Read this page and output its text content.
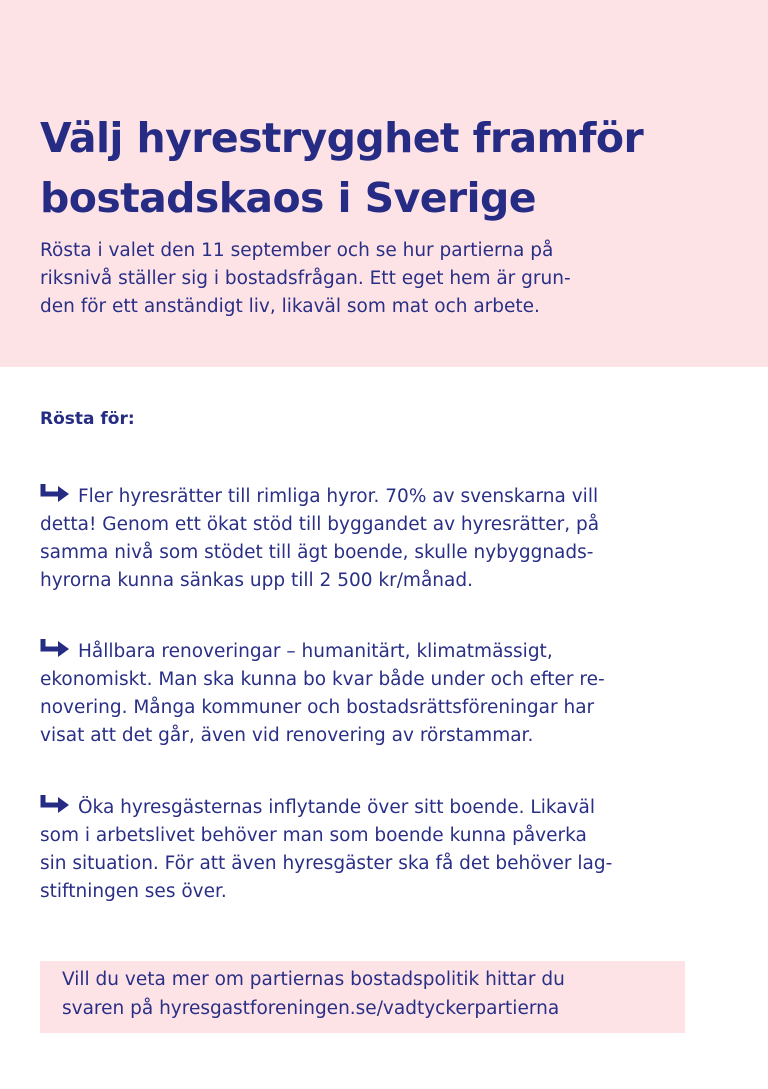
Välj hyrestrygghet framför
bostadskaos i Sverige
Rösta i valet den 11 september och se hur partierna på
riksnivå ställer sig i bostadsfrågan. Ett eget hem är grun-
den för ett anständigt liv, likaväl som mat och arbete.
Rösta för:
Fler hyresrätter till rimliga hyror. 70% av svenskarna vill
detta! Genom ett ökat stöd till byggandet av hyresrätter, på
samma nivå som stödet till ägt boende, skulle nybyggnads-
hyrorna kunna sänkas upp till 2 500 kr/månad.
Hållbara renoveringar – humanitärt, klimatmässigt,
ekonomiskt. Man ska kunna bo kvar både under och efter re-
novering. Många kommuner och bostadsrättsföreningar har
visat att det går, även vid renovering av rörstammar.
Öka hyresgästernas inflytande över sitt boende. Likaväl
som i arbetslivet behöver man som boende kunna påverka
sin situation. För att även hyresgäster ska få det behöver lag-
stiftningen ses över.
Vill du veta mer om partiernas bostadspolitik hittar du
svaren på hyresgastforeningen.se/vadtyckerpartierna
